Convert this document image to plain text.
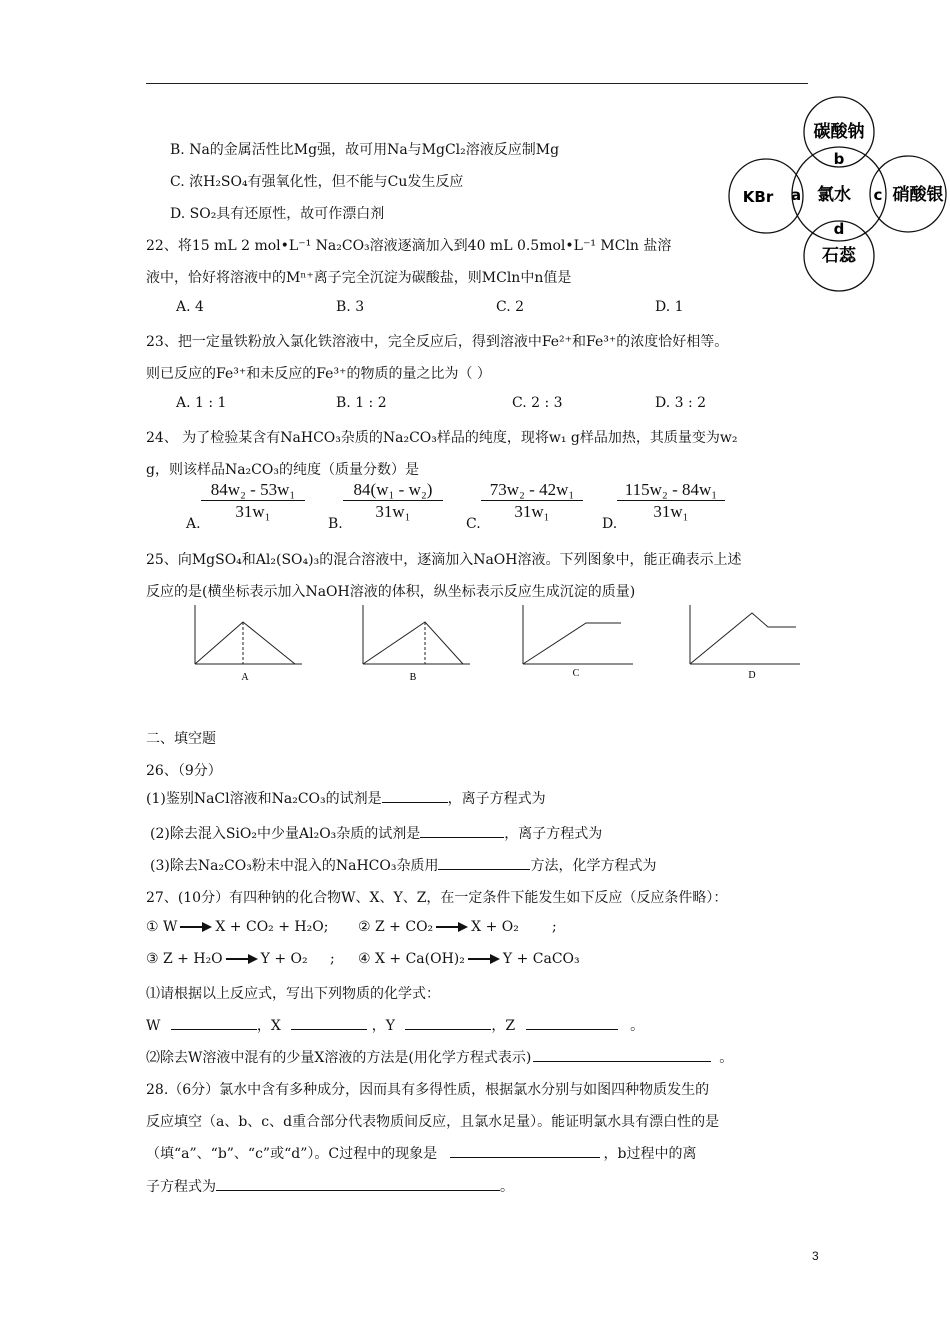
B. Na的金属活性比Mg强，故可用Na与MgCl₂溶液反应制Mg
C. 浓H₂SO₄有强氧化性，但不能与Cu发生反应
D. SO₂具有还原性，故可作漂白剂
碳酸钠
KBr	氯水 硝酸银
石蕊
b
a	c
d
22、将15 mL 2 mol•L⁻¹ Na₂CO₃溶液逐滴加入到40 mL 0.5mol•L⁻¹ MCln 盐溶
液中，恰好将溶液中的Mⁿ⁺离子完全沉淀为碳酸盐，则MCln中n值是
A. 4	B. 3	C. 2	D. 1
23、把一定量铁粉放入氯化铁溶液中，完全反应后，得到溶液中Fe²⁺和Fe³⁺的浓度恰好相等。
则已反应的Fe³⁺和未反应的Fe³⁺的物质的量之比为（ ）
A. 1 : 1	B. 1 : 2	C. 2 : 3	D. 3 : 2
24、 为了检验某含有NaHCO₃杂质的Na₂CO₃样品的纯度，现将w₁ g样品加热，其质量变为w₂
g，则该样品Na₂CO₃的纯度（质量分数）是
A.
$\frac{\text{84w₂ - 53w₁}}{\text{31w₁}}$
B.
$\frac{\text{84(w₁ - w₂)}}{\text{31w₁}}$
C.
$\frac{\text{73w₂ - 42w₁}}{\text{31w₁}}$
D.
$\frac{\text{115w₂ - 84w₁}}{\text{31w₁}}$
25、向MgSO₄和Al₂(SO₄)₃的混合溶液中，逐滴加入NaOH溶液。下列图象中，能正确表示上述
反应的是(横坐标表示加入NaOH溶液的体积，纵坐标表示反应生成沉淀的质量)
A	B	C	D
二、填空题
26、（9分）
(1)鉴别NaCl溶液和Na₂CO₃的试剂是	，离子方程式为
(2)除去混入SiO₂中少量Al₂O₃杂质的试剂是	，离子方程式为
(3)除去Na₂CO₃粉末中混入的NaHCO₃杂质用	方法，化学方程式为
27、(10分）有四种钠的化合物W、X、Y、Z，在一定条件下能发生如下反应（反应条件略）：
① W	X + CO₂ + H₂O; ② Z + CO₂	X + O₂ ;
③ Z + H₂O	Y + O₂ ; ④ X + Ca(OH)₂	Y + CaCO₃
⑴请根据以上反应式，写出下列物质的化学式：
W	，X	，Y	，Z	。
⑵除去W溶液中混有的少量X溶液的方法是(用化学方程式表示)	。
28.（6分）氯水中含有多种成分，因而具有多得性质，根据氯水分别与如图四种物质发生的
反应填空（a、b、c、d重合部分代表物质间反应，且氯水足量）。能证明氯水具有漂白性的是
（填“a”、“b”、“c”或“d”）。C过程中的现象是	，b过程中的离
子方程式为	。
3
